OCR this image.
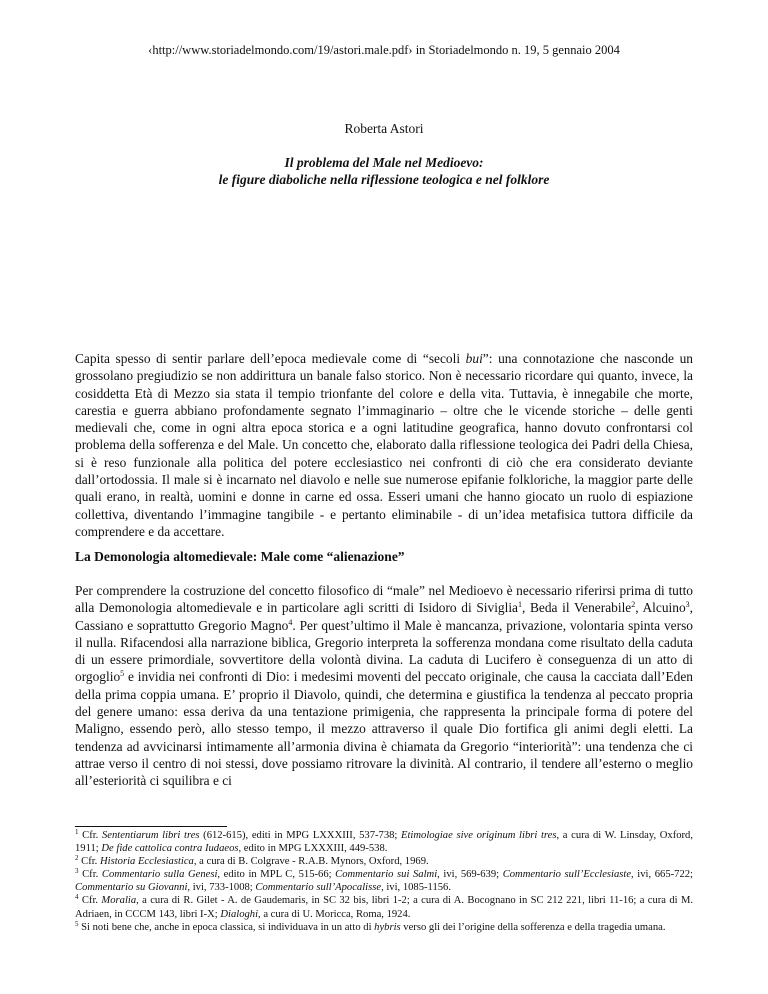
‹http://www.storiadelmondo.com/19/astori.male.pdf› in Storiadelmondo n. 19, 5 gennaio 2004
Roberta Astori
Il problema del Male nel Medioevo:
le figure diaboliche nella riflessione teologica e nel folklore
Capita spesso di sentir parlare dell’epoca medievale come di “secoli bui”: una connotazione che nasconde un grossolano pregiudizio se non addirittura un banale falso storico. Non è necessario ricordare qui quanto, invece, la cosiddetta Età di Mezzo sia stata il tempio trionfante del colore e della vita. Tuttavia, è innegabile che morte, carestia e guerra abbiano profondamente segnato l’immaginario – oltre che le vicende storiche – delle genti medievali che, come in ogni altra epoca storica e a ogni latitudine geografica, hanno dovuto confrontarsi col problema della sofferenza e del Male. Un concetto che, elaborato dalla riflessione teologica dei Padri della Chiesa, si è reso funzionale alla politica del potere ecclesiastico nei confronti di ciò che era considerato deviante dall’ortodossia. Il male si è incarnato nel diavolo e nelle sue numerose epifanie folkloriche, la maggior parte delle quali erano, in realtà, uomini e donne in carne ed ossa. Esseri umani che hanno giocato un ruolo di espiazione collettiva, diventando l’immagine tangibile - e pertanto eliminabile - di un’idea metafisica tuttora difficile da comprendere e da accettare.
La Demonologia altomedievale: Male come “alienazione”
Per comprendere la costruzione del concetto filosofico di “male” nel Medioevo è necessario riferirsi prima di tutto alla Demonologia altomedievale e in particolare agli scritti di Isidoro di Siviglia$^1$, Beda il Venerabile$^2$, Alcuino$^3$, Cassiano e soprattutto Gregorio Magno$^4$. Per quest’ultimo il Male è mancanza, privazione, volontaria spinta verso il nulla. Rifacendosi alla narrazione biblica, Gregorio interpreta la sofferenza mondana come risultato della caduta di un essere primordiale, sovvertitore della volontà divina. La caduta di Lucifero è conseguenza di un atto di orgoglio$^5$ e invidia nei confronti di Dio: i medesimi moventi del peccato originale, che causa la cacciata dall’Eden della prima coppia umana. E’ proprio il Diavolo, quindi, che determina e giustifica la tendenza al peccato propria del genere umano: essa deriva da una tentazione primigenia, che rappresenta la principale forma di potere del Maligno, essendo però, allo stesso tempo, il mezzo attraverso il quale Dio fortifica gli animi degli eletti. La tendenza ad avvicinarsi intimamente all’armonia divina è chiamata da Gregorio “interiorità”: una tendenza che ci attrae verso il centro di noi stessi, dove possiamo ritrovare la divinità. Al contrario, il tendere all’esterno o meglio all’esteriorità ci squilibra e ci

$^1$ Cfr. Sententiarum libri tres (612-615), editi in MPG LXXXIII, 537-738; Etimologiae sive originum libri tres, a cura di W. Linsday, Oxford, 1911; De fide cattolica contra Iudaeos, edito in MPG LXXXIII, 449-538.

$^2$ Cfr. Historia Ecclesiastica, a cura di B. Colgrave - R.A.B. Mynors, Oxford, 1969.

$^3$ Cfr. Commentario sulla Genesi, edito in MPL C, 515-66; Commentario sui Salmi, ivi, 569-639; Commentario sull’Ecclesiaste, ivi, 665-722; Commentario su Giovanni, ivi, 733-1008; Commentario sull’Apocalisse, ivi, 1085-1156.

$^4$ Cfr. Moralia, a cura di R. Gilet - A. de Gaudemaris, in SC 32 bis, libri 1-2; a cura di A. Bocognano in SC 212 221, libri 11-16; a cura di M. Adriaen, in CCCM 143, libri I-X; Dialoghi, a cura di U. Moricca, Roma, 1924.

$^5$ Si noti bene che, anche in epoca classica, si individuava in un atto di hybris verso gli dei l’origine della sofferenza e della tragedia umana.
